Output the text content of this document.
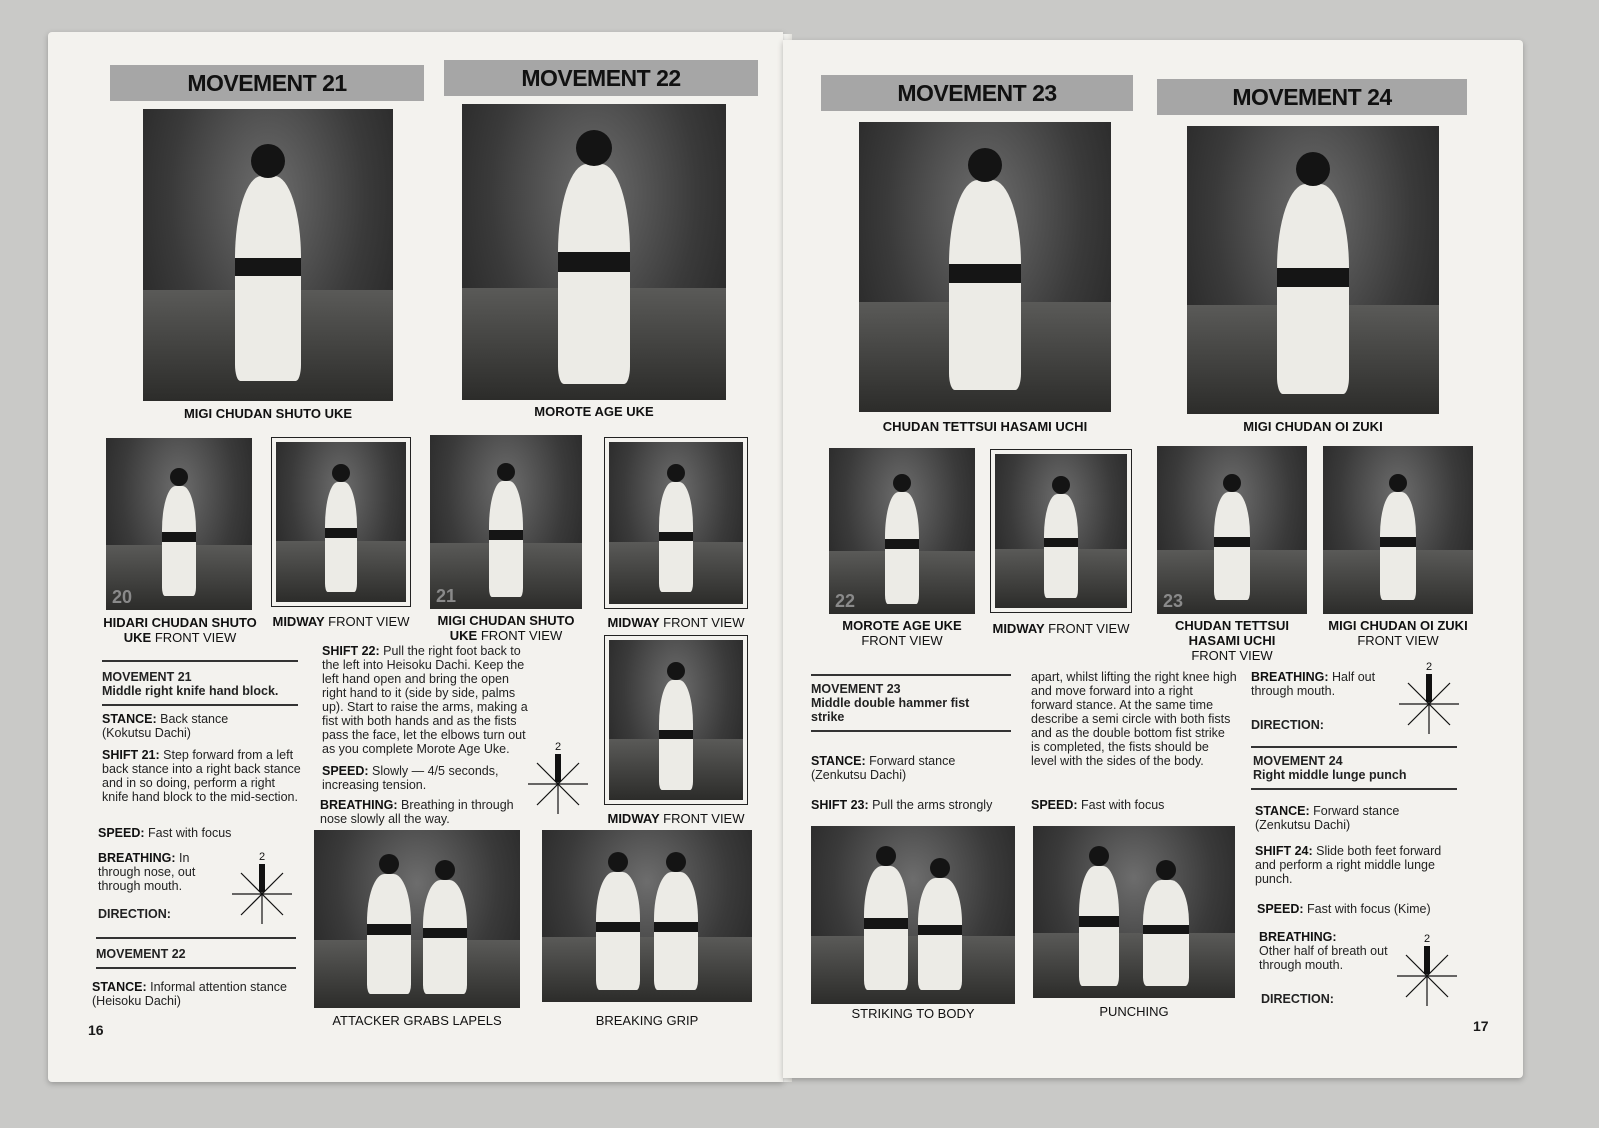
MOVEMENT 21	MOVEMENT 22
MIGI CHUDAN SHUTO UKE	MOROTE AGE UKE
20
HIDARI CHUDAN SHUTO
UKE FRONT VIEW
MIDWAY FRONT VIEW
21
MIGI CHUDAN SHUTO
UKE FRONT VIEW
MIDWAY FRONT VIEW
MIDWAY FRONT VIEW
MOVEMENT 21
Middle right knife hand block.
STANCE: Back stance
(Kokutsu Dachi)
SHIFT 21: Step forward from a left back stance into a right back stance and in so doing, perform a right knife hand block to the mid-section.
SPEED: Fast with focus
BREATHING: In through nose, out through mouth.
DIRECTION:
2
MOVEMENT 22
STANCE: Informal attention stance
(Heisoku Dachi)
SHIFT 22: Pull the right foot back to the left into Heisoku Dachi. Keep the left hand open and bring the open right hand to it (side by side, palms up). Start to raise the arms, making a fist with both hands and as the fists pass the face, let the elbows turn out as you complete Morote Age Uke.
SPEED: Slowly — 4/5 seconds, increasing tension.
BREATHING: Breathing in through nose slowly all the way.
2
ATTACKER GRABS LAPELS	BREAKING GRIP
16
MOVEMENT 23	MOVEMENT 24
CHUDAN TETTSUI HASAMI UCHI	MIGI CHUDAN OI ZUKI
22
MOROTE AGE UKE
FRONT VIEW
MIDWAY FRONT VIEW
23
CHUDAN TETTSUI
HASAMI UCHI
FRONT VIEW
MIGI CHUDAN OI ZUKI
FRONT VIEW
MOVEMENT 23
Middle double hammer fist strike
STANCE: Forward stance
(Zenkutsu Dachi)
SHIFT 23: Pull the arms strongly
apart, whilst lifting the right knee high and move forward into a right forward stance. At the same time describe a semi circle with both fists and as the double bottom fist strike is completed, the fists should be level with the sides of the body.
SPEED: Fast with focus
BREATHING: Half out through mouth.
DIRECTION:
2
MOVEMENT 24
Right middle lunge punch
STANCE: Forward stance
(Zenkutsu Dachi)
SHIFT 24: Slide both feet forward and perform a right middle lunge punch.
SPEED: Fast with focus (Kime)
BREATHING:
Other half of breath out through mouth.
DIRECTION:
2
STRIKING TO BODY	PUNCHING
17
